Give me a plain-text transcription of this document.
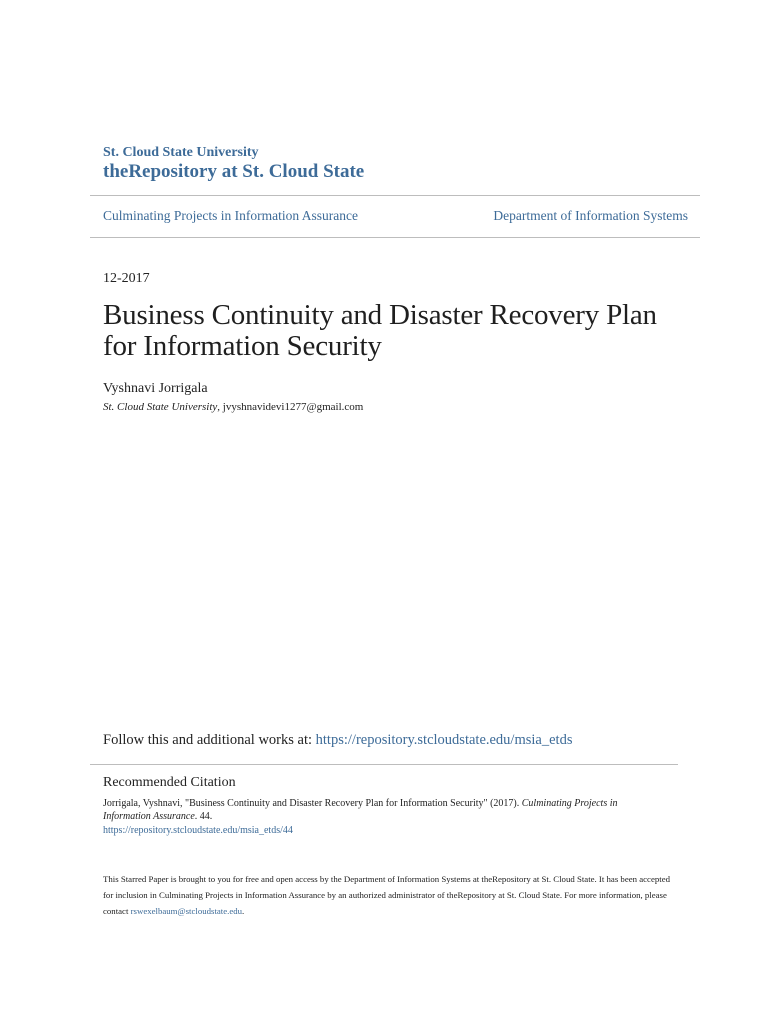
St. Cloud State University
theRepository at St. Cloud State
Culminating Projects in Information Assurance	Department of Information Systems
12-2017
Business Continuity and Disaster Recovery Plan for Information Security
Vyshnavi Jorrigala
St. Cloud State University, jvyshnavidevi1277@gmail.com
Follow this and additional works at: https://repository.stcloudstate.edu/msia_etds
Recommended Citation
Jorrigala, Vyshnavi, "Business Continuity and Disaster Recovery Plan for Information Security" (2017). Culminating Projects in Information Assurance. 44.
https://repository.stcloudstate.edu/msia_etds/44
This Starred Paper is brought to you for free and open access by the Department of Information Systems at theRepository at St. Cloud State. It has been accepted for inclusion in Culminating Projects in Information Assurance by an authorized administrator of theRepository at St. Cloud State. For more information, please contact rswexelbaum@stcloudstate.edu.
